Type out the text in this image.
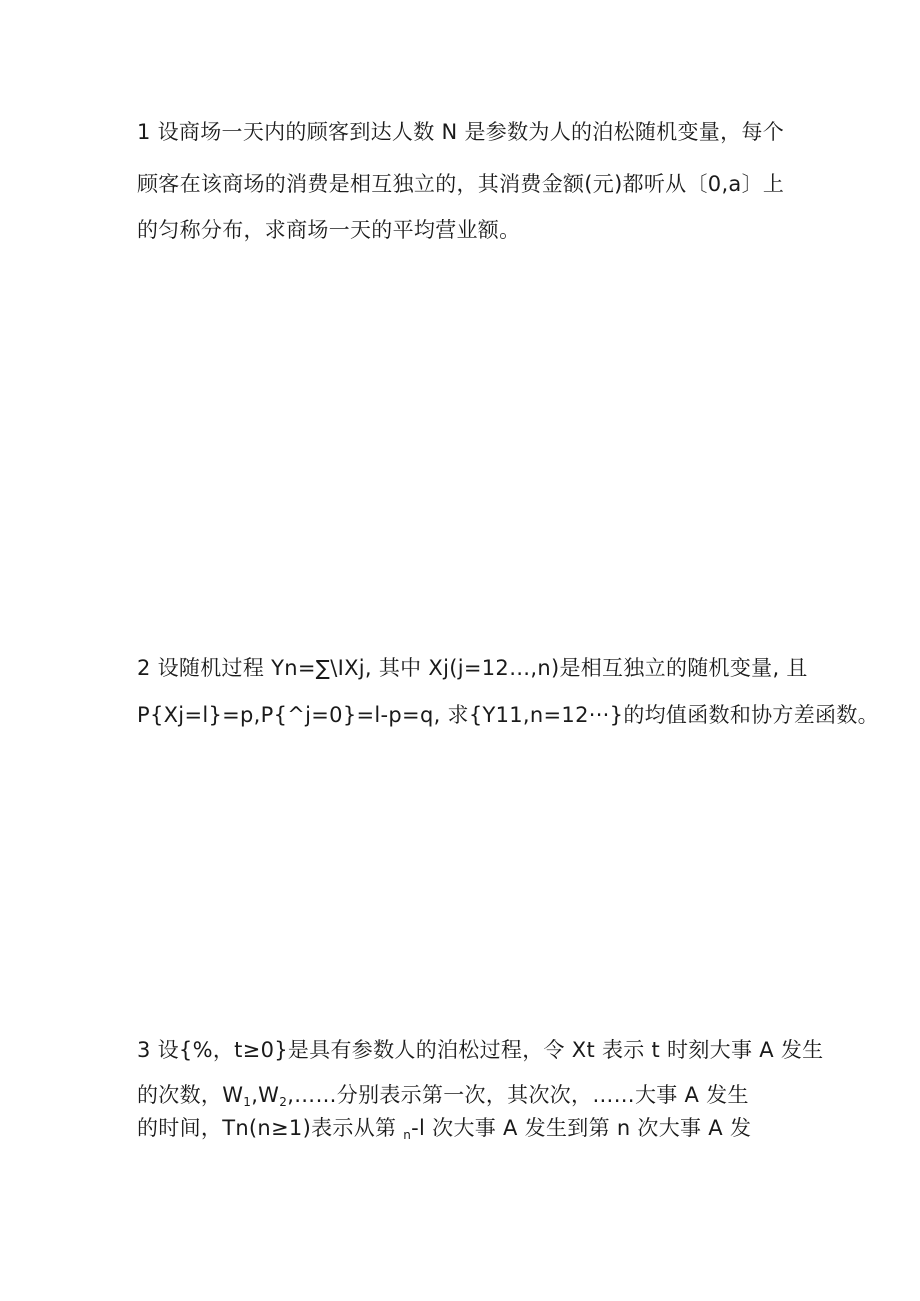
1 设商场一天内的顾客到达人数 N 是参数为人的泊松随机变量，每个
顾客在该商场的消费是相互独立的，其消费金额(元)都听从〔0,a〕上
的匀称分布，求商场一天的平均营业额。
2 设随机过程 Yn=∑\IXj, 其中 Xj(j=12…,n)是相互独立的随机变量, 且
P{Xj=l}=p,P{^j=0}=l-p=q, 求{Y11,n=12···}的均值函数和协方差函数。
3 设{%，t≥0}是具有参数人的泊松过程，令 Xt 表示 t 时刻大事 A 发生
的次数，$W_1,W_2,\dots\dots$分别表示第一次，其次次，……大事 A 发生
的时间，Tn(n≥1)表示从第 $_n$-l 次大事 A 发生到第 n 次大事 A 发
